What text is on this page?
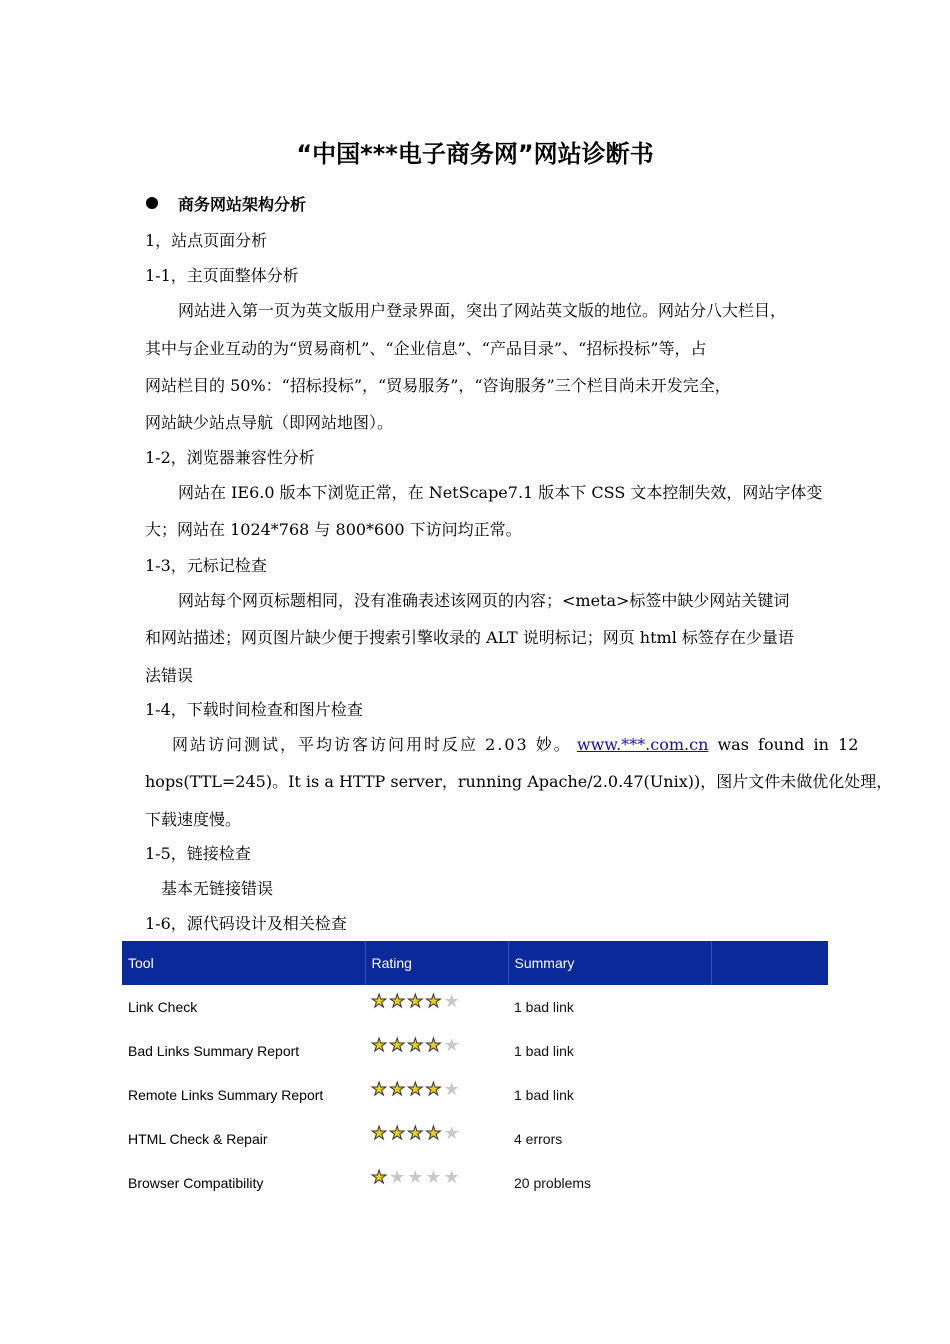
“中国***电子商务网”网站诊断书
商务网站架构分析
1，站点页面分析
1-1，主页面整体分析
网站进入第一页为英文版用户登录界面，突出了网站英文版的地位。网站分八大栏目，
其中与企业互动的为“贸易商机”、“企业信息”、“产品目录”、“招标投标”等，占
网站栏目的 50%：“招标投标”，“贸易服务”，“咨询服务”三个栏目尚未开发完全，
网站缺少站点导航（即网站地图）。
1-2，浏览器兼容性分析
网站在 IE6.0 版本下浏览正常，在 NetScape7.1 版本下 CSS 文本控制失效，网站字体变
大；网站在 1024*768 与 800*600 下访问均正常。
1-3，元标记检查
网站每个网页标题相同，没有准确表述该网页的内容；<meta>标签中缺少网站关键词
和网站描述；网页图片缺少便于搜索引擎收录的 ALT 说明标记；网页 html 标签存在少量语
法错误
1-4，下载时间检查和图片检查
网站访问测试，平均访客访问用时反应 2.03 妙。 www.***.com.cn was found in 12
hops(TTL=245)。It is a HTTP server，running Apache/2.0.47(Unix))，图片文件未做优化处理，
下载速度慢。
1-5，链接检查
基本无链接错误
1-6，源代码设计及相关检查
Tool	Rating	Summary	
Link Check	★ ★ ★ ★ ★	1 bad link	
Bad Links Summary Report	★ ★ ★ ★ ★	1 bad link	
Remote Links Summary Report	★ ★ ★ ★ ★	1 bad link	
HTML Check & Repair	★ ★ ★ ★ ★	4 errors	
Browser Compatibility	★ ★ ★ ★ ★	20 problems	
